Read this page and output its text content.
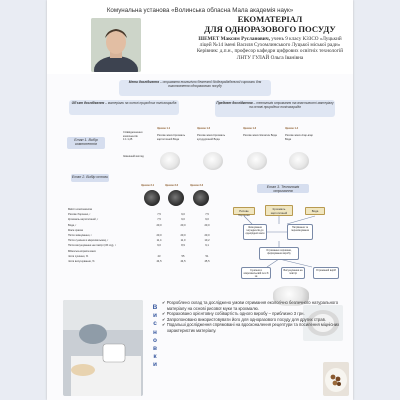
Комунальна установа «Волинська обласна Мала академія наук»
ЕКОМАТЕРІАЛ
ДЛЯ ОДНОРАЗОВОГО ПОСУДУ
ШЕМЕТ Максим Русланович, учень 9 класу КЗЗСО «Луцький ліцей №14 імені Василя Сухомлинського Луцької міської ради»
Керівник: д.п.н., професор кафедри цифрових освітніх технологій ЛНТУ ГУЛАЙ Ольга Іванівна
Мета дослідження – отримання екологічно безпечної біодеградабельної сировини для виготовлення одноразового посуду
Об'єкт дослідження – матеріали на основі природних полісахаридів	Предмет дослідження – технологія отримання та властивості матеріалу на основі природних полісахаридів
Етап 1. Вибір компонентів
Співвідношення компонентів 1:1:1,25
Зовнішній вигляд
Зразок 1.1	Зразок 1.2	Зразок 1.3	Зразок 1.4
Рисове жмиз Крохмаль картопляний Вода
Рисове жмиз Крохмаль кукурудзяний Вода
Рисове жмиз Желатин Вода	Рисове жмиз Агар-агар Вода
Етап 2. Вибір основи
Зразок 2.1	Зразок 2.2	Зразок 2.3
Вміст компонентів			
Рисове борошно, г	7,5	9,0	7,5
Крохмаль картопляний, г	7,5	9,0	9,0
Вода, г	20,0	20,0	20,0
Маса зразка			
Після змішування, г	20,0	20,0	20,0
Після сушіння в мікрохвильовці, г	11,4	11,0	10,2
Після висушування на повітрі (36 год), г	9,0	8,9	9,1
Відносна втрата маси			
після сушіння, %	43	55	51
після висушування, %	44,5	44,5	45,5
Етап 3. Технологія отримання
Рисове борошно
Крохмаль картопляний	Вода
Змішування інгредієнтів до однорідної маси
Нагрівання та перемішування
Отримання сировини, формування виробу
Сушіння в мікрохвильовій печі 8 хв
Висушування на повітрі
Отриманий виріб
В
и
с
н
о
в
к
и
✔ Розроблено склад та досліджено умови отримання екологічно безпечного натурального матеріалу на основі рисової муки та крохмалю.
✔ Розраховано орієнтовну собівартість одного виробу – приблизно 3 грн.
✔ Запропоновано використовувати його для одноразового посуду для других страв.
✔ Подальші дослідження спрямовані на вдосконалення рецептури та посилення міцнісних характеристик матеріалу.
